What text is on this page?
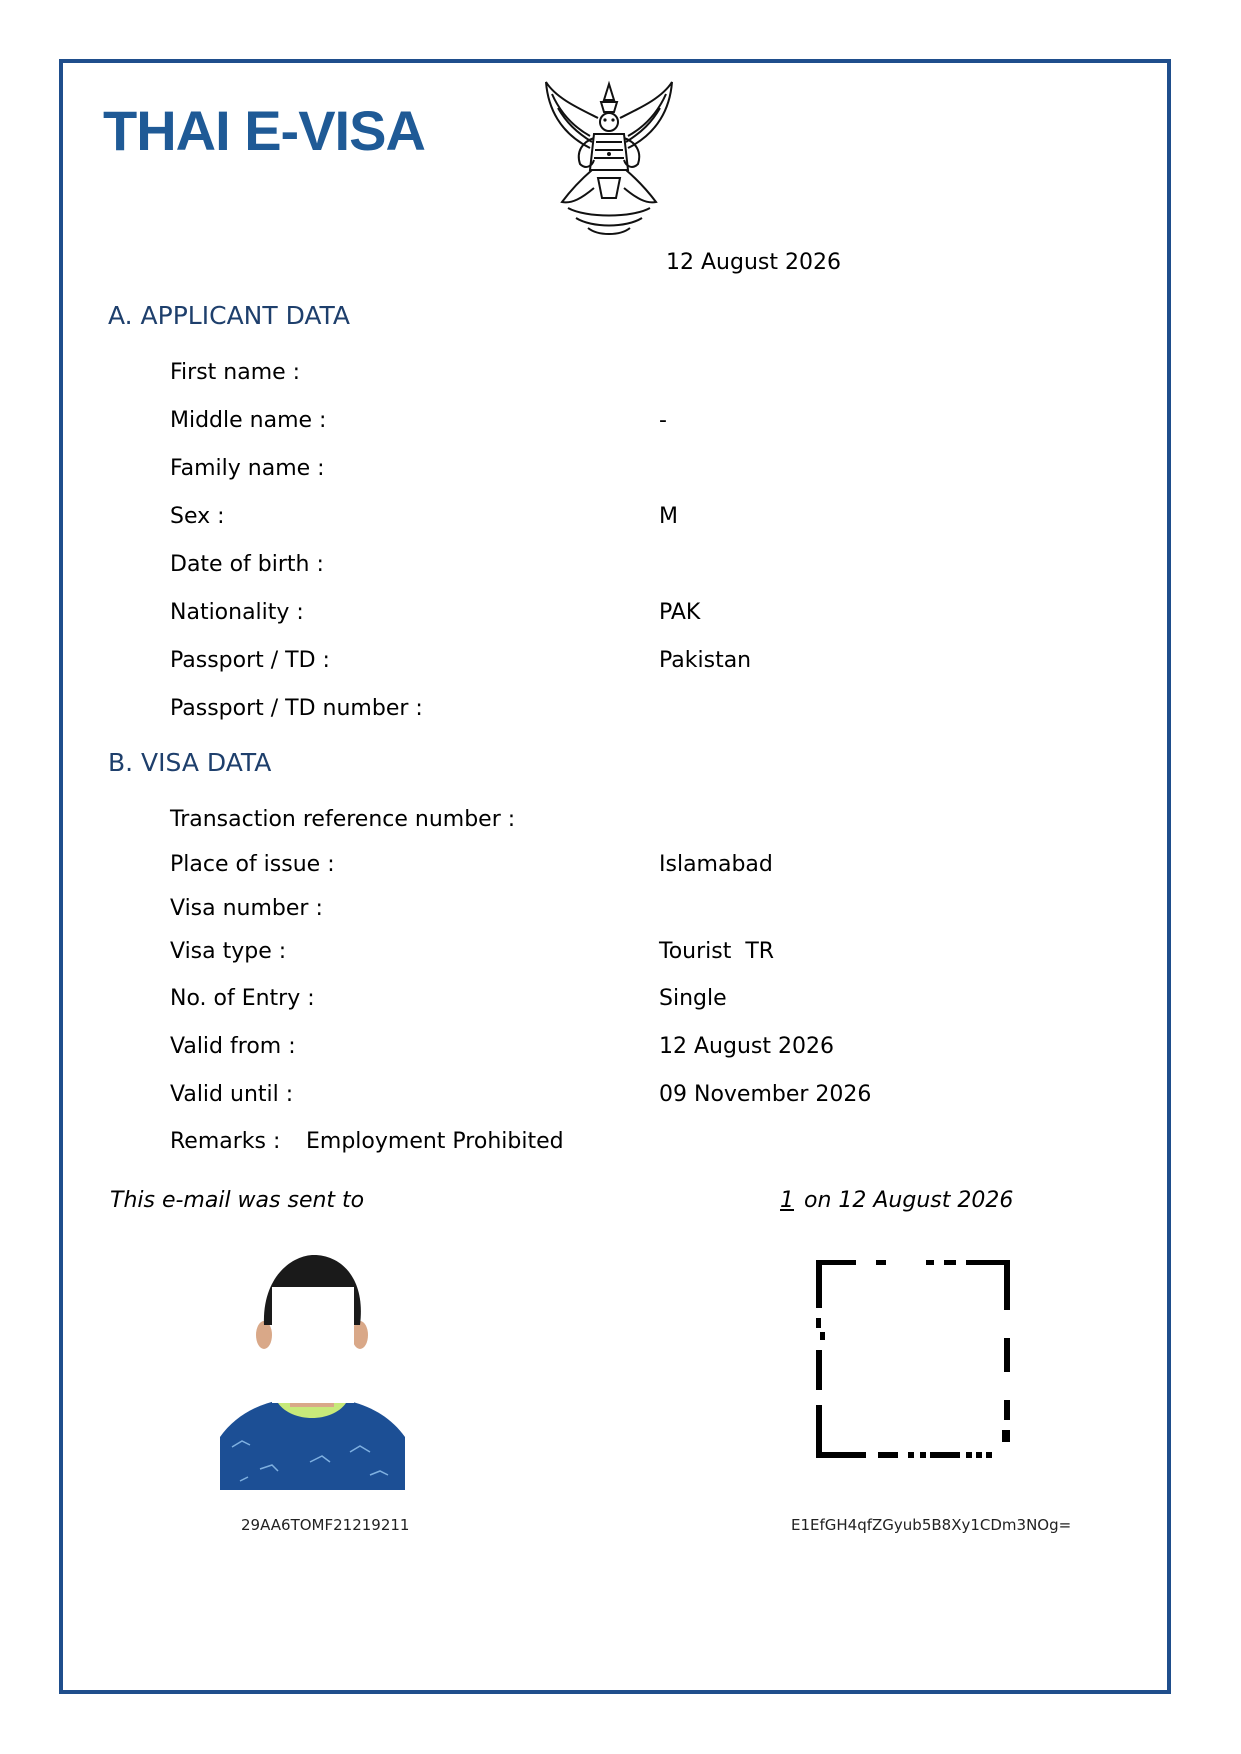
THAI E-VISA
12 August 2026
A. APPLICANT DATA
First name :
Middle name :	-
Family name :
Sex :	M
Date of birth :
Nationality :	PAK
Passport / TD :	Pakistan
Passport / TD number :
B. VISA DATA
Transaction reference number :
Place of issue :	Islamabad
Visa number :
Visa type :	Tourist  TR
No. of Entry :	Single
Valid from :	12 August 2026
Valid until :	09 November 2026
Remarks : Employment Prohibited
This e-mail was sent to	1 on 12 August 2026
29AA6TOMF21219211	E1EfGH4qfZGyub5B8Xy1CDm3NOg=
